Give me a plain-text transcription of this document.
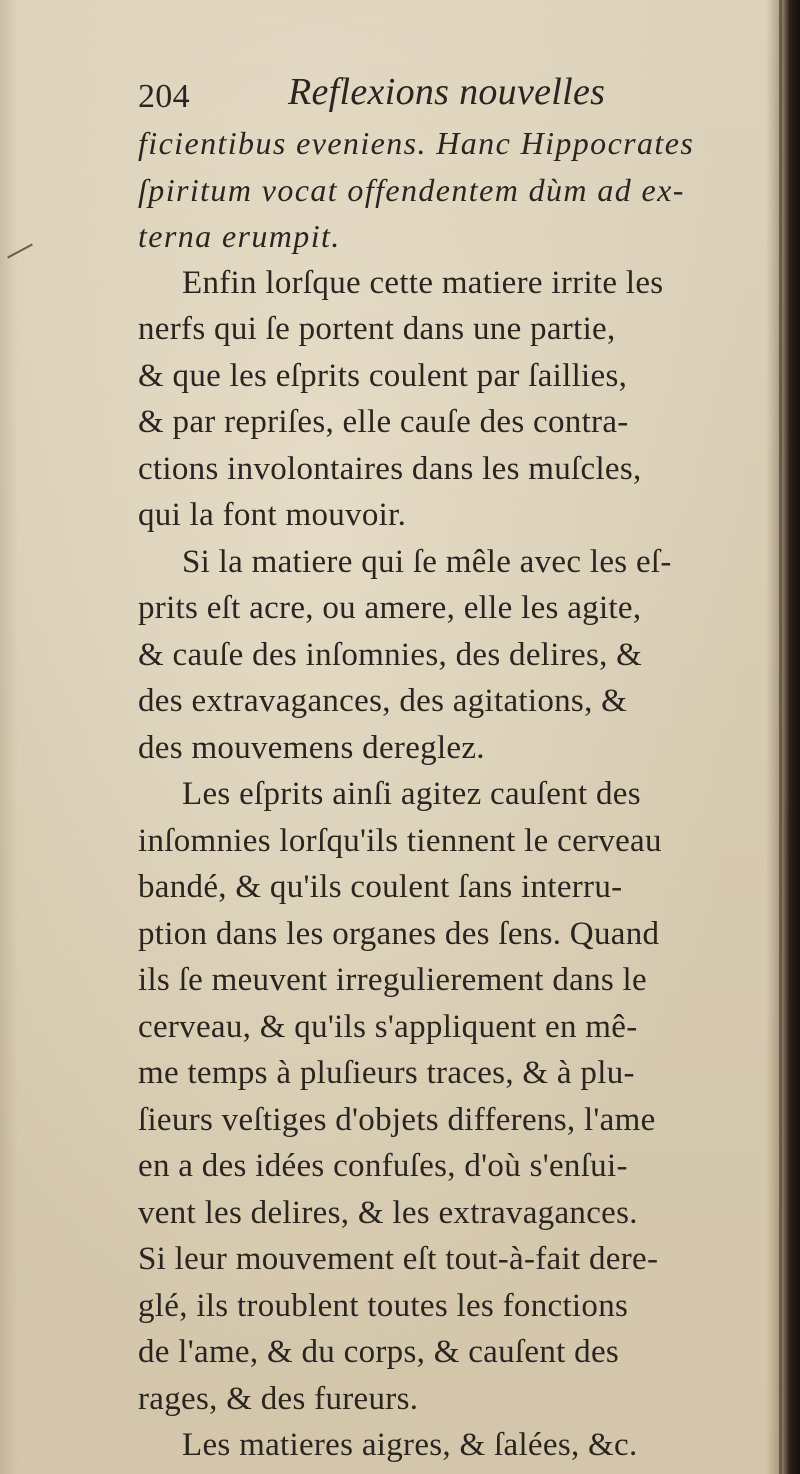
204	Reflexions nouvelles
ficientibus eveniens. Hanc Hippocrates
ſpiritum vocat offendentem dùm ad ex-
terna erumpit.
Enfin lorſque cette matiere irrite les
nerfs qui ſe portent dans une partie,
& que les eſprits coulent par ſaillies,
& par repriſes, elle cauſe des contra-
ctions involontaires dans les muſcles,
qui la font mouvoir.
Si la matiere qui ſe mêle avec les eſ-
prits eſt acre, ou amere, elle les agite,
& cauſe des inſomnies, des delires, &
des extravagances, des agitations, &
des mouvemens dereglez.
Les eſprits ainſi agitez cauſent des
inſomnies lorſqu'ils tiennent le cerveau
bandé, & qu'ils coulent ſans interru-
ption dans les organes des ſens. Quand
ils ſe meuvent irregulierement dans le
cerveau, & qu'ils s'appliquent en mê-
me temps à pluſieurs traces, & à plu-
ſieurs veſtiges d'objets differens, l'ame
en a des idées confuſes, d'où s'enſui-
vent les delires, & les extravagances.
Si leur mouvement eſt tout-à-fait dere-
glé, ils troublent toutes les fonctions
de l'ame, & du corps, & cauſent des
rages, & des fureurs.
Les matieres aigres, & ſalées, &c.
